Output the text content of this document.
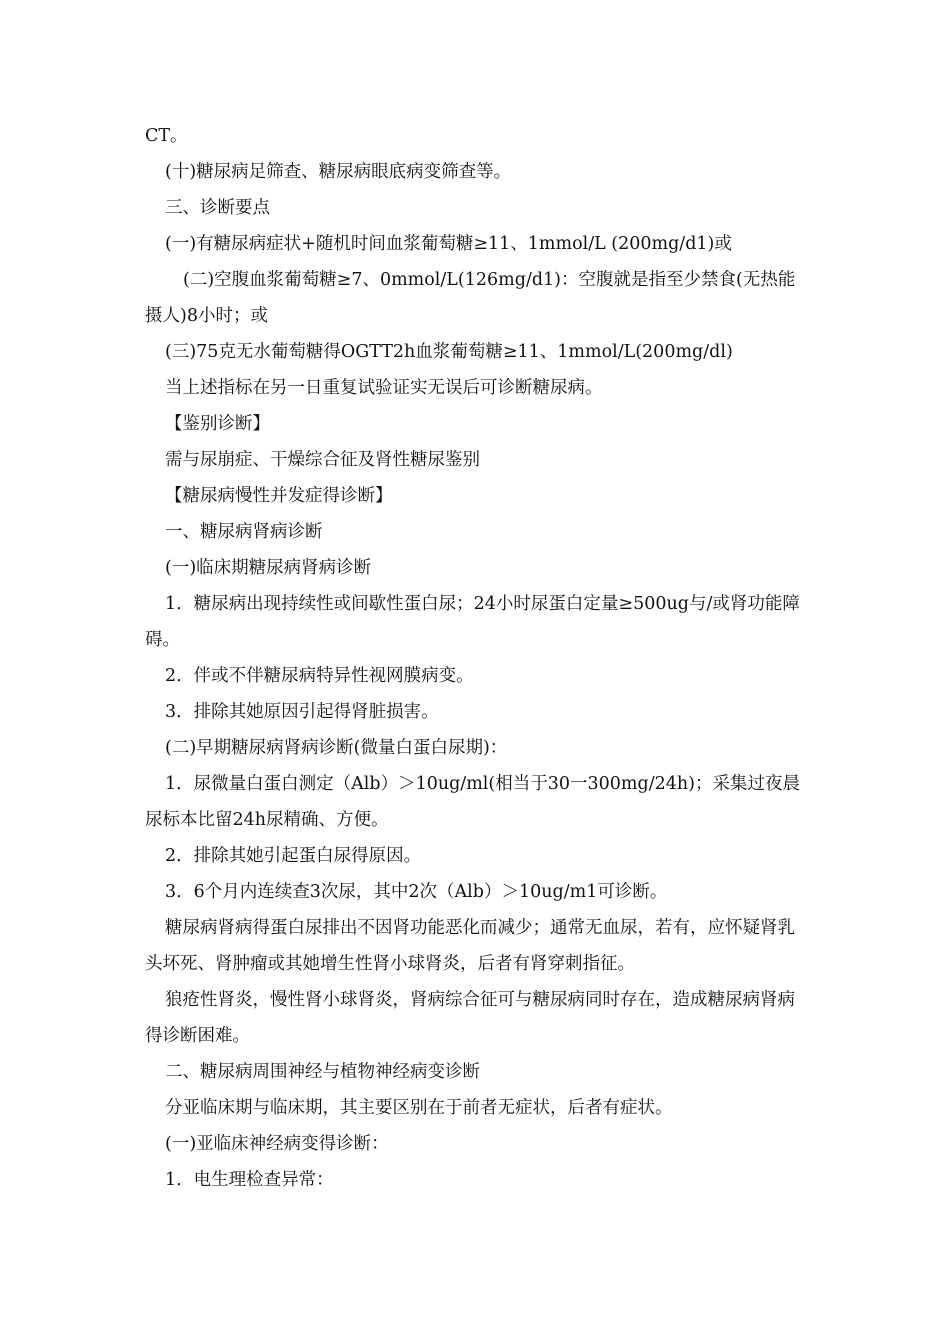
CT。

(十)糖尿病足筛查、糖尿病眼底病变筛查等。

三、诊断要点

(一)有糖尿病症状+随机时间血浆葡萄糖≥11、1mmol/L (200mg/d1)或

(二)空腹血浆葡萄糖≥7、0mmol/L(126mg/d1)：空腹就是指至少禁食(无热能摄人)8小时；或

(三)75克无水葡萄糖得OGTT2h血浆葡萄糖≥11、1mmol/L(200mg/dl)

当上述指标在另一日重复试验证实无误后可诊断糖尿病。

【鉴别诊断】

需与尿崩症、干燥综合征及肾性糖尿鉴别

【糖尿病慢性并发症得诊断】

一、糖尿病肾病诊断

(一)临床期糖尿病肾病诊断

1．糖尿病出现持续性或间歇性蛋白尿；24小时尿蛋白定量≥500ug与/或肾功能障碍。

2．伴或不伴糖尿病特异性视网膜病变。

3．排除其她原因引起得肾脏损害。

(二)早期糖尿病肾病诊断(微量白蛋白尿期)：

1．尿微量白蛋白测定（Alb）＞10ug/ml(相当于30一300mg/24h)；采集过夜晨尿标本比留24h尿精确、方便。

2．排除其她引起蛋白尿得原因。

3．6个月内连续查3次尿，其中2次（Alb）＞10ug/m1可诊断。

糖尿病肾病得蛋白尿排出不因肾功能恶化而减少；通常无血尿，若有，应怀疑肾乳头坏死、肾肿瘤或其她增生性肾小球肾炎，后者有肾穿刺指征。

狼疮性肾炎，慢性肾小球肾炎，肾病综合征可与糖尿病同时存在，造成糖尿病肾病得诊断困难。

二、糖尿病周围神经与植物神经病变诊断

分亚临床期与临床期，其主要区别在于前者无症状，后者有症状。

(一)亚临床神经病变得诊断：

1．电生理检查异常：
